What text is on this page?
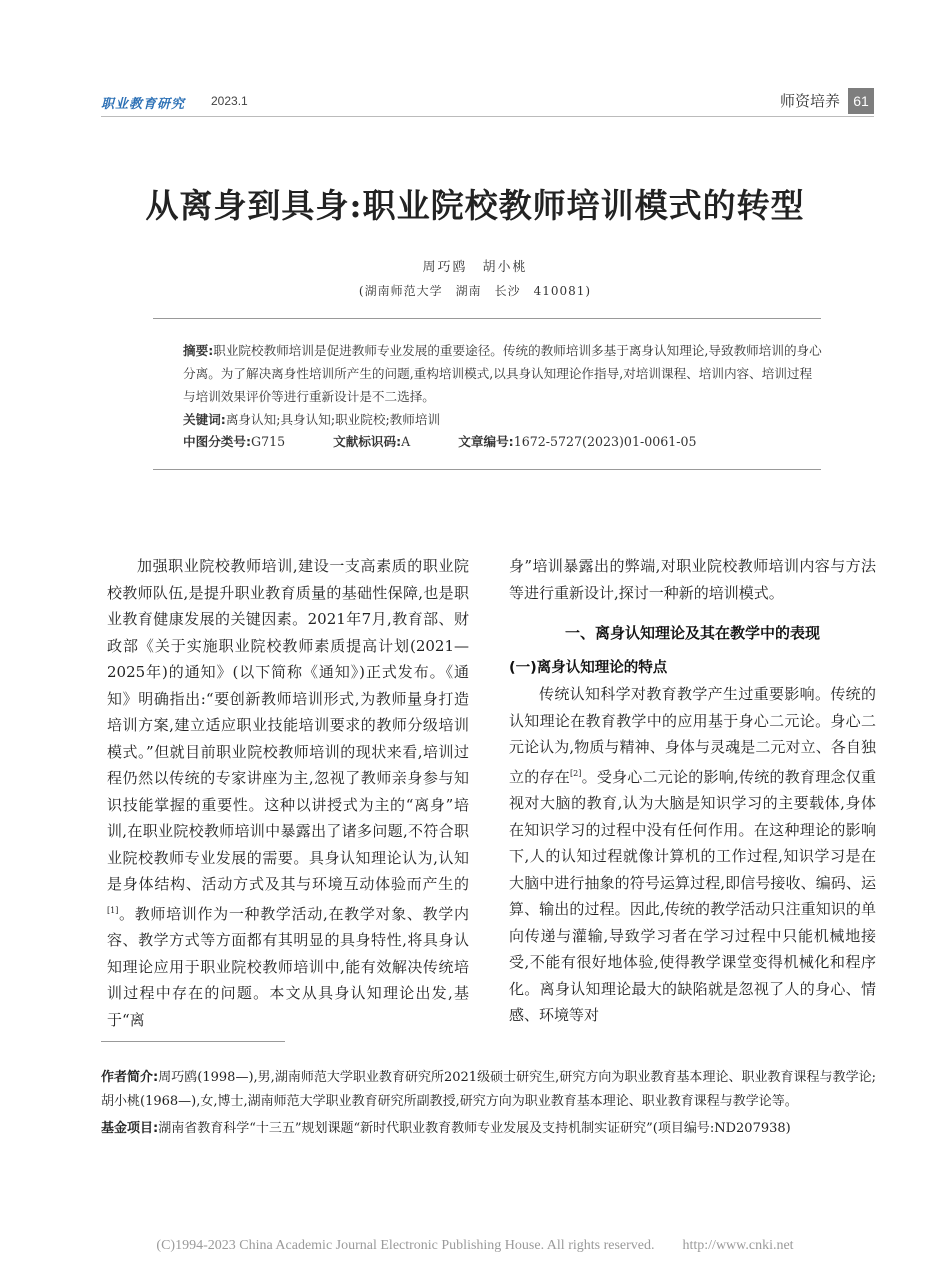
职业教育研究 2023.1	师资培养 61
从离身到具身:职业院校教师培训模式的转型
周巧鸥　胡小桃
(湖南师范大学　湖南　长沙　410081)

摘要:职业院校教师培训是促进教师专业发展的重要途径。传统的教师培训多基于离身认知理论,导致教师培训的身心分离。为了解决离身性培训所产生的问题,重构培训模式,以具身认知理论作指导,对培训课程、培训内容、培训过程与培训效果评价等进行重新设计是不二选择。

关键词:离身认知;具身认知;职业院校;教师培训

中图分类号:G715	文献标识码:A	文章编号:1672-5727(2023)01-0061-05

加强职业院校教师培训,建设一支高素质的职业院校教师队伍,是提升职业教育质量的基础性保障,也是职业教育健康发展的关键因素。2021年7月,教育部、财政部《关于实施职业院校教师素质提高计划(2021—2025年)的通知》(以下简称《通知》)正式发布。《通知》明确指出:“要创新教师培训形式,为教师量身打造培训方案,建立适应职业技能培训要求的教师分级培训模式。”但就目前职业院校教师培训的现状来看,培训过程仍然以传统的专家讲座为主,忽视了教师亲身参与知识技能掌握的重要性。这种以讲授式为主的“离身”培训,在职业院校教师培训中暴露出了诸多问题,不符合职业院校教师专业发展的需要。具身认知理论认为,认知是身体结构、活动方式及其与环境互动体验而产生的[1]。教师培训作为一种教学活动,在教学对象、教学内容、教学方式等方面都有其明显的具身特性,将具身认知理论应用于职业院校教师培训中,能有效解决传统培训过程中存在的问题。本文从具身认知理论出发,基于“离

身”培训暴露出的弊端,对职业院校教师培训内容与方法等进行重新设计,探讨一种新的培训模式。

一、离身认知理论及其在教学中的表现

(一)离身认知理论的特点

传统认知科学对教育教学产生过重要影响。传统的认知理论在教育教学中的应用基于身心二元论。身心二元论认为,物质与精神、身体与灵魂是二元对立、各自独立的存在[2]。受身心二元论的影响,传统的教育理念仅重视对大脑的教育,认为大脑是知识学习的主要载体,身体在知识学习的过程中没有任何作用。在这种理论的影响下,人的认知过程就像计算机的工作过程,知识学习是在大脑中进行抽象的符号运算过程,即信号接收、编码、运算、输出的过程。因此,传统的教学活动只注重知识的单向传递与灌输,导致学习者在学习过程中只能机械地接受,不能有很好地体验,使得教学课堂变得机械化和程序化。离身认知理论最大的缺陷就是忽视了人的身心、情感、环境等对

作者简介:周巧鸥(1998—),男,湖南师范大学职业教育研究所2021级硕士研究生,研究方向为职业教育基本理论、职业教育课程与教学论;胡小桃(1968—),女,博士,湖南师范大学职业教育研究所副教授,研究方向为职业教育基本理论、职业教育课程与教学论等。

基金项目:湖南省教育科学“十三五”规划课题“新时代职业教育教师专业发展及支持机制实证研究”(项目编号:ND207938)

(C)1994-2023 China Academic Journal Electronic Publishing House. All rights reserved.　　http://www.cnki.net
